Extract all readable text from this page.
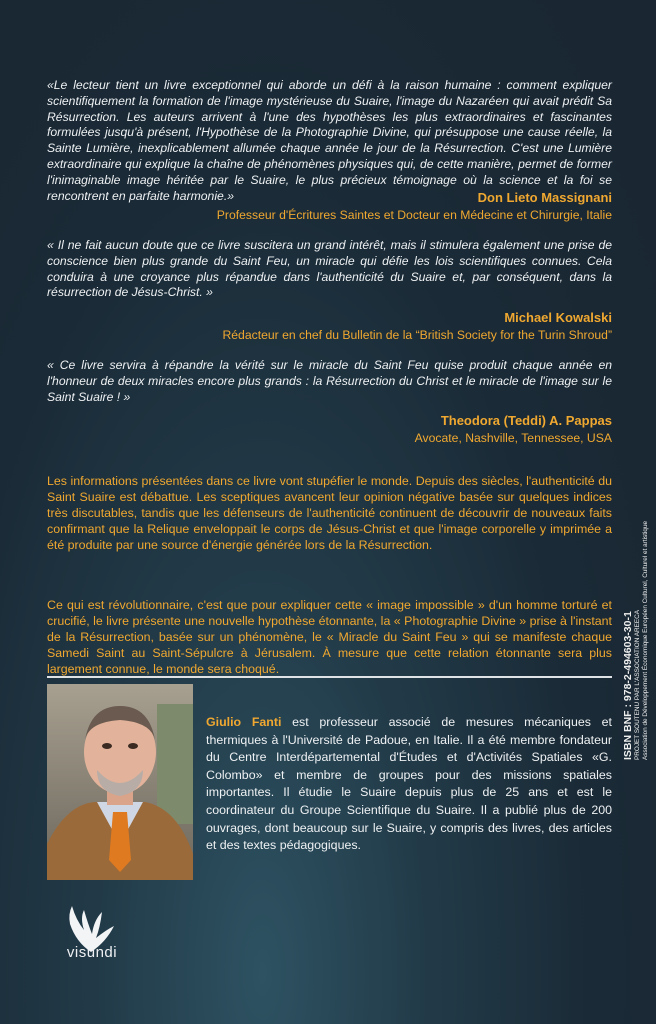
«Le lecteur tient un livre exceptionnel qui aborde un défi à la raison humaine : comment expliquer scientifiquement la formation de l'image mystérieuse du Suaire, l'image du Nazaréen qui avait prédit Sa Résurrection. Les auteurs arrivent à l'une des hypothèses les plus extraordinaires et fascinantes formulées jusqu'à présent, l'Hypothèse de la Photographie Divine, qui présuppose une cause réelle, la Sainte Lumière, inexplicablement allumée chaque année le jour de la Résurrection. C'est une Lumière extraordinaire qui explique la chaîne de phénomènes physiques qui, de cette manière, permet de former l'inimaginable image héritée par le Suaire, le plus précieux témoignage où la science et la foi se rencontrent en parfaite harmonie.»	Don Lieto Massignani

Professeur d'Écritures Saintes et Docteur en Médecine et Chirurgie, Italie

« Il ne fait aucun doute que ce livre suscitera un grand intérêt, mais il stimulera également une prise de conscience bien plus grande du Saint Feu, un miracle qui défie les lois scientifiques connues. Cela conduira à une croyance plus répandue dans l'authenticité du Suaire et, par conséquent, dans la résurrection de Jésus-Christ. »

Michael Kowalski

Rédacteur en chef du Bulletin de la “British Society for the Turin Shroud”

« Ce livre servira à répandre la vérité sur le miracle du Saint Feu quise produit chaque année en l'honneur de deux miracles encore plus grands : la Résurrection du Christ et le miracle de l'image sur le Saint Suaire ! »

Theodora (Teddi) A. Pappas

Avocate, Nashville, Tennessee, USA

Les informations présentées dans ce livre vont stupéfier le monde. Depuis des siècles, l'authenticité du Saint Suaire est débattue. Les sceptiques avancent leur opinion négative basée sur quelques indices très discutables, tandis que les défenseurs de l'authenticité continuent de découvrir de nouveaux faits confirmant que la Relique enveloppait le corps de Jésus-Christ et que l'image corporelle y imprimée a été produite par une source d'énergie générée lors de la Résurrection.

Ce qui est révolutionnaire, c'est que pour expliquer cette « image impossible » d'un homme torturé et crucifié, le livre présente une nouvelle hypothèse étonnante, la « Photographie Divine » prise à l'instant de la Résurrection, basée sur un phénomène, le « Miracle du Saint Feu » qui se manifeste chaque Samedi Saint au Saint-Sépulcre à Jérusalem. À mesure que cette relation étonnante sera plus largement connue, le monde sera choqué.

Giulio Fanti est professeur associé de mesures mécaniques et thermiques à l'Université de Padoue, en Italie. Il a été membre fondateur du Centre Interdépartemental d'Études et d'Activités Spatiales «G. Colombo» et membre de groupes pour des missions spatiales importantes. Il étudie le Suaire depuis plus de 25 ans et est le coordinateur du Groupe Scientifique du Suaire. Il a publié plus de 200 ouvrages, dont beaucoup sur le Suaire, y compris des livres, des articles et des textes pédagogiques.

ISBN BNF : 978-2-494603-30-1 PROJET SOUTENU PAR L'ASSOCIATION AREECA Association de Développement Économique Européen Culturel, Culturel et artistique
visundi
